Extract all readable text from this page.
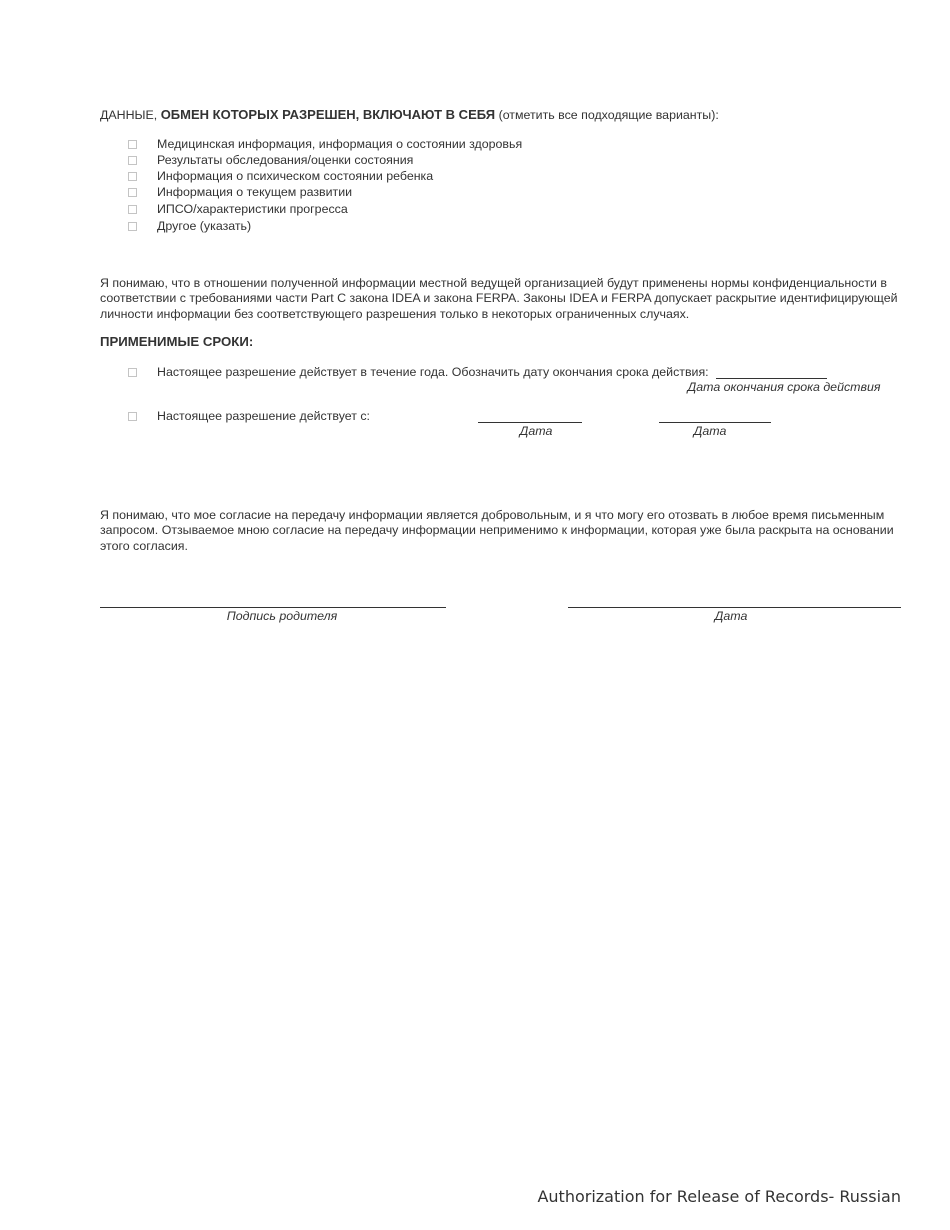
ДАННЫЕ, ОБМЕН КОТОРЫХ РАЗРЕШЕН, ВКЛЮЧАЮТ В СЕБЯ (отметить все подходящие варианты):
Медицинская информация, информация о состоянии здоровья
Результаты обследования/оценки состояния
Информация о психическом состоянии ребенка
Информация о текущем развитии
ИПСО/характеристики прогресса
Другое (указать)
Я понимаю, что в отношении полученной информации местной ведущей организацией будут применены нормы конфиденциальности в соответствии с требованиями части Part C закона IDEA и закона FERPA. Законы IDEA и FERPA допускает раскрытие идентифицирующей личности информации без соответствующего разрешения только в некоторых ограниченных случаях.
ПРИМЕНИМЫЕ СРОКИ:
Настоящее разрешение действует в течение года. Обозначить дату окончания срока действия:
Дата окончания срока действия
Настоящее разрешение действует с:
Дата	Дата
Я понимаю, что мое согласие на передачу информации является добровольным, и я что могу его отозвать в любое время письменным запросом. Отзываемое мною согласие на передачу информации неприменимо к информации, которая уже была раскрыта на основании этого согласия.
Подпись родителя	Дата
Authorization for Release of Records- Russian
